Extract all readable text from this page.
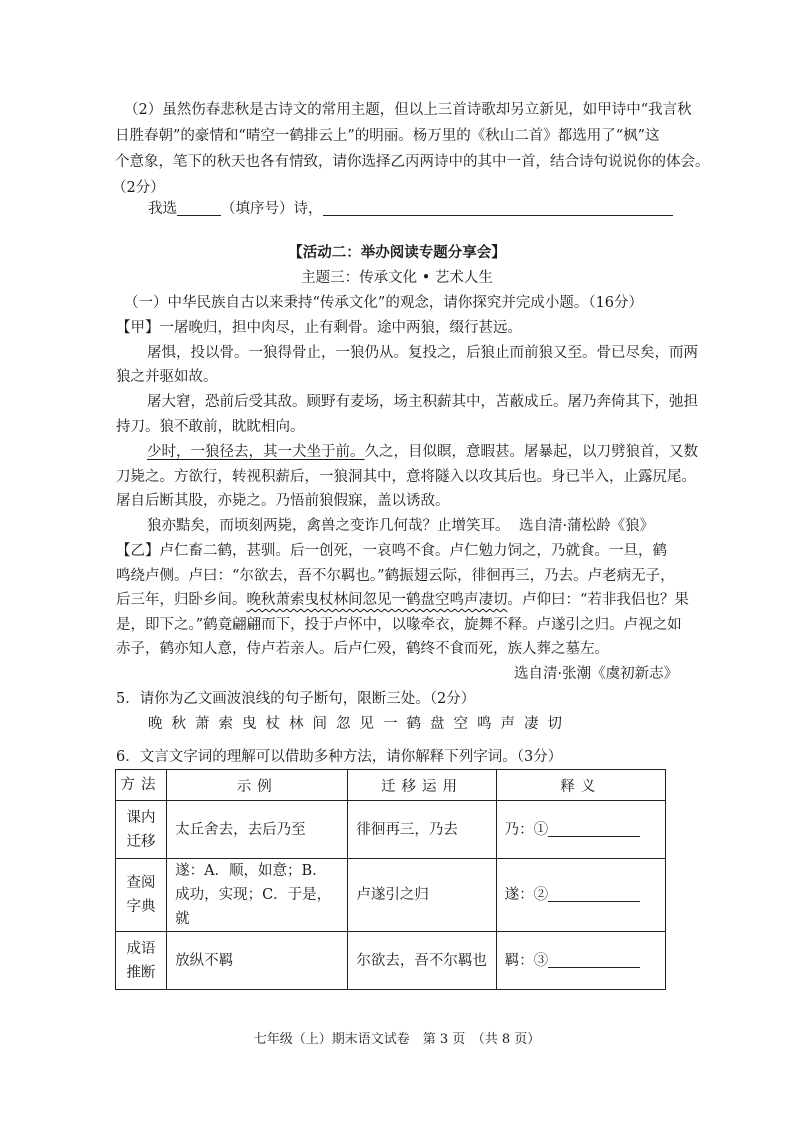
（2）虽然伤春悲秋是古诗文的常用主题，但以上三首诗歌却另立新见，如甲诗中“我言秋
日胜春朝”的豪情和“晴空一鹤排云上”的明丽。杨万里的《秋山二首》都选用了“枫”这
个意象，笔下的秋天也各有情致，请你选择乙丙两诗中的其中一首，结合诗句说说你的体会。
（2分）
我选	（填序号）诗，
【活动二：举办阅读专题分享会】
主题三：传承文化 • 艺术人生
（一）中华民族自古以来秉持“传承文化”的观念，请你探究并完成小题。（16分）
【甲】一屠晚归，担中肉尽，止有剩骨。途中两狼，缀行甚远。
屠惧，投以骨。一狼得骨止，一狼仍从。复投之，后狼止而前狼又至。骨已尽矣，而两
狼之并驱如故。
屠大窘，恐前后受其敌。顾野有麦场，场主积薪其中，苫蔽成丘。屠乃奔倚其下，弛担
持刀。狼不敢前，眈眈相向。
少时，一狼径去，其一犬坐于前。久之，目似瞑，意暇甚。屠暴起，以刀劈狼首，又数
刀毙之。方欲行，转视积薪后，一狼洞其中，意将隧入以攻其后也。身已半入，止露尻尾。
屠自后断其股，亦毙之。乃悟前狼假寐，盖以诱敌。
狼亦黠矣，而顷刻两毙，禽兽之变诈几何哉？止增笑耳。 选自清·蒲松龄《狼》
【乙】卢仁畜二鹤，甚驯。后一创死，一哀鸣不食。卢仁勉力饲之，乃就食。一旦，鹤
鸣绕卢侧。卢曰：“尔欲去，吾不尔羁也。”鹤振翅云际，徘徊再三，乃去。卢老病无子，
后三年，归卧乡间。晚秋萧索曳杖林间忽见一鹤盘空鸣声凄切。卢仰曰：“若非我侣也？果
是，即下之。”鹤竟翩翩而下，投于卢怀中，以喙牵衣，旋舞不释。卢遂引之归。卢视之如
赤子，鹤亦知人意，侍卢若亲人。后卢仁殁，鹤终不食而死，族人葬之墓左。
选自清·张潮《虞初新志》
5．请你为乙文画波浪线的句子断句，限断三处。（2分）
晚秋萧索曳杖林间忽见一鹤盘空鸣声凄切
6．文言文字词的理解可以借助多种方法，请你解释下列字词。（3分）
方法	示例	迁移运用	释义
课内迁移	太丘舍去，去后乃至	徘徊再三，乃去	乃：①
查阅字典	遂：A．顺，如意；B．成功，实现；C．于是，就	卢遂引之归	遂：②
成语推断	放纵不羁	尔欲去，吾不尔羁也	羁：③
七年级（上）期末语文试卷　第 3 页　（共 8 页）
